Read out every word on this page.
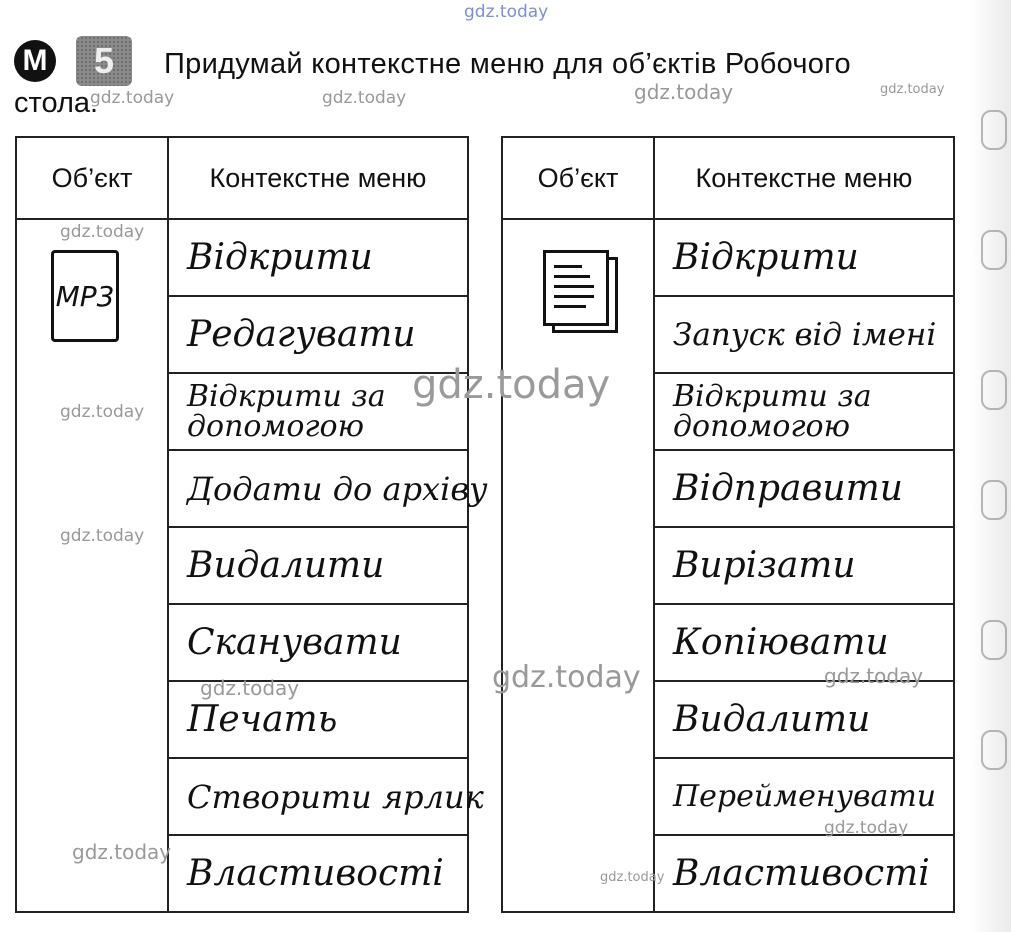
M	5	Придумай контекстне меню для об’єктів Робочого
стола.
Об’єкт	Контекстне меню

MP3	Відкрити
	Редагувати
	Відкрити за допомогою
	Додати до архіву
	Видалити
	Сканувати
	Печать
	Створити ярлик
	Властивості
Об’єкт	Контекстне меню

	Відкрити
	Запуск від імені
	Відкрити за допомогою
	Відправити
	Вирізати
	Копіювати
	Видалити
	Перейменувати
	Властивості
gdz.today
gdz.today	gdz.today	gdz.today	gdz.today
gdz.today
gdz.today
gdz.today
gdz.today
gdz.today
gdz.today	gdz.today
gdz.today
gdz.today
gdz.today
